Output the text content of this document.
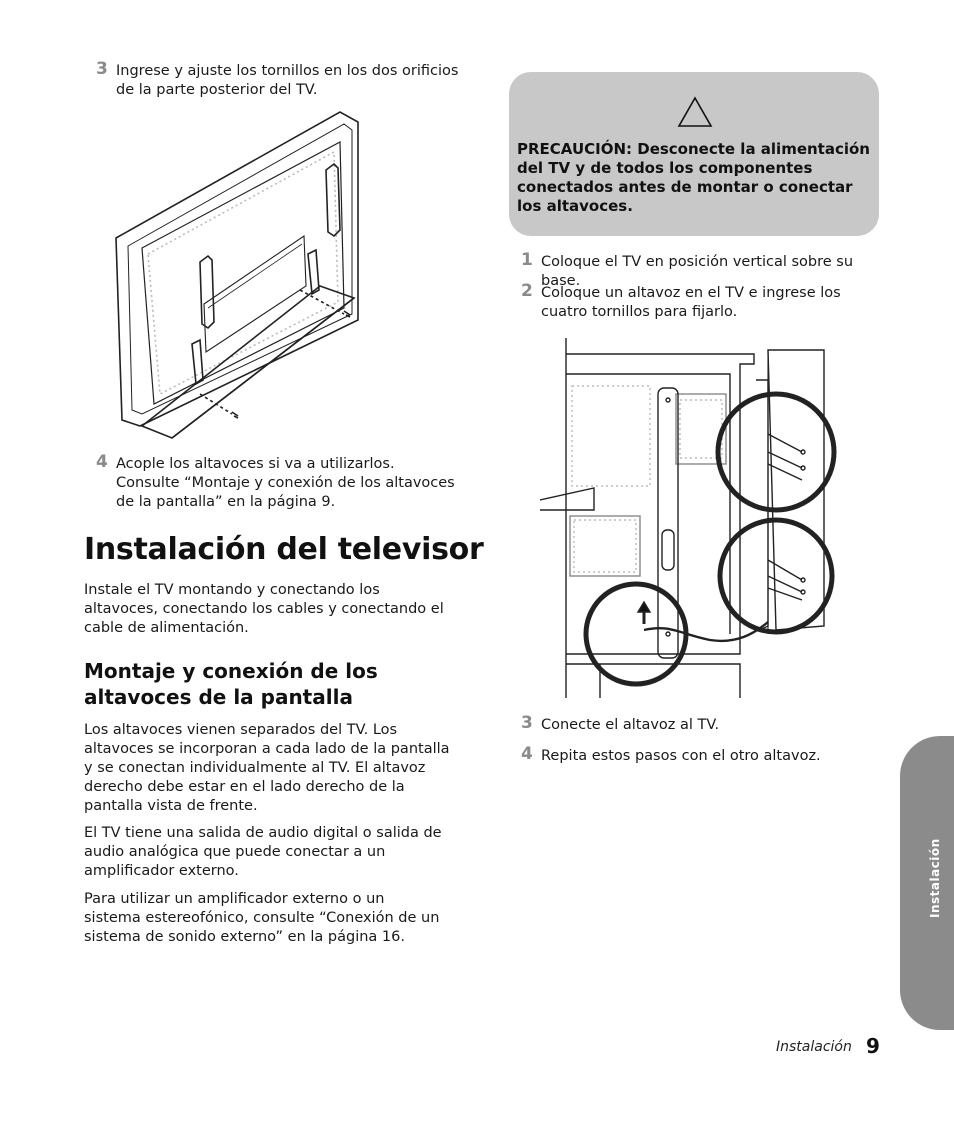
3 Ingrese y ajuste los tornillos en los dos orificios de la parte posterior del TV.
4 Acople los altavoces si va a utilizarlos. Consulte “Montaje y conexión de los altavoces de la pantalla” en la página 9.
Instalación del televisor

Instale el TV montando y conectando los altavoces, conectando los cables y conectando el cable de alimentación.

Montaje y conexión de los altavoces de la pantalla

Los altavoces vienen separados del TV. Los altavoces se incorporan a cada lado de la pantalla y se conectan individualmente al TV. El altavoz derecho debe estar en el lado derecho de la pantalla vista de frente.

El TV tiene una salida de audio digital o salida de audio analógica que puede conectar a un amplificador externo.

Para utilizar un amplificador externo o un sistema estereofónico, consulte “Conexión de un sistema de sonido externo” en la página 16.

PRECAUCIÓN: Desconecte la alimentación del TV y de todos los componentes conectados antes de montar o conectar los altavoces.
1 Coloque el TV en posición vertical sobre su base.
2 Coloque un altavoz en el TV e ingrese los cuatro tornillos para fijarlo.
3 Conecte el altavoz al TV.
4 Repita estos pasos con el otro altavoz.
Instalación
Instalación 9
